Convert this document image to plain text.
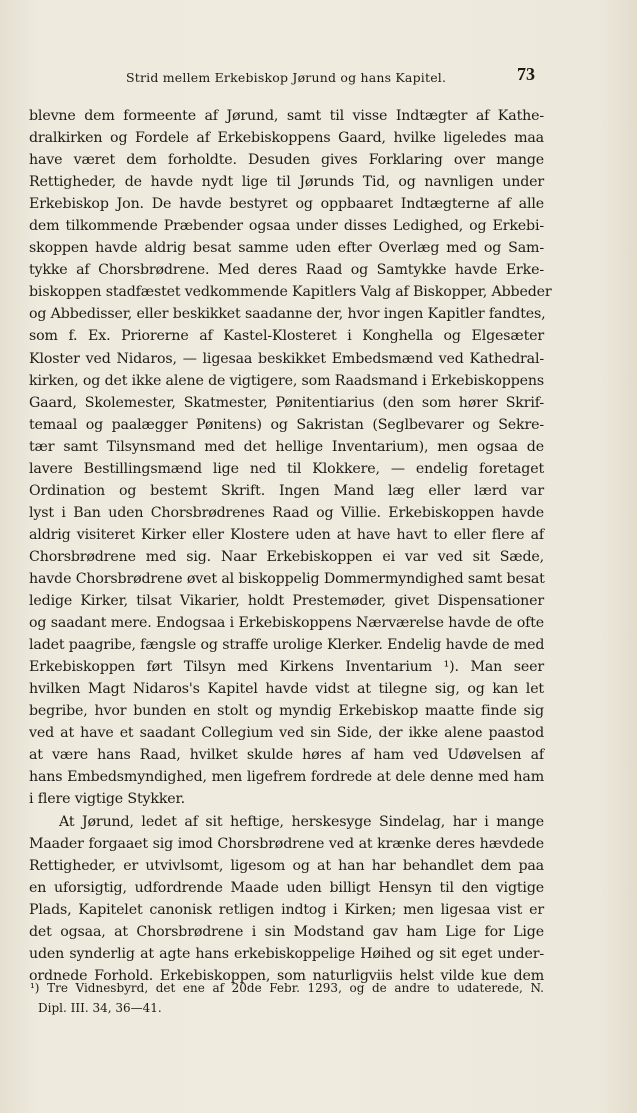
Strid mellem Erkebiskop Jørund og hans Kapitel.	73
blevne dem formeente af Jørund, samt til visse Indtægter af Kathe-
dralkirken og Fordele af Erkebiskoppens Gaard, hvilke ligeledes maa
have været dem forholdte. Desuden gives Forklaring over mange
Rettigheder, de havde nydt lige til Jørunds Tid, og navnligen under
Erkebiskop Jon. De havde bestyret og oppbaaret Indtægterne af alle
dem tilkommende Præbender ogsaa under disses Ledighed, og Erkebi-
skoppen havde aldrig besat samme uden efter Overlæg med og Sam-
tykke af Chorsbrødrene. Med deres Raad og Samtykke havde Erke-
biskoppen stadfæstet vedkommende Kapitlers Valg af Biskopper, Abbeder
og Abbedisser, eller beskikket saadanne der, hvor ingen Kapitler fandtes,
som f. Ex. Priorerne af Kastel-Klosteret i Konghella og Elgesæter
Kloster ved Nidaros, — ligesaa beskikket Embedsmænd ved Kathedral-
kirken, og det ikke alene de vigtigere, som Raadsmand i Erkebiskoppens
Gaard, Skolemester, Skatmester, Pønitentiarius (den som hører Skrif-
temaal og paalægger Pønitens) og Sakristan (Seglbevarer og Sekre-
tær samt Tilsynsmand med det hellige Inventarium), men ogsaa de
lavere Bestillingsmænd lige ned til Klokkere, — endelig foretaget
Ordination og bestemt Skrift. Ingen Mand læg eller lærd var
lyst i Ban uden Chorsbrødrenes Raad og Villie. Erkebiskoppen havde
aldrig visiteret Kirker eller Klostere uden at have havt to eller flere af
Chorsbrødrene med sig. Naar Erkebiskoppen ei var ved sit Sæde,
havde Chorsbrødrene øvet al biskoppelig Dommermyndighed samt besat
ledige Kirker, tilsat Vikarier, holdt Prestemøder, givet Dispensationer
og saadant mere. Endogsaa i Erkebiskoppens Nærværelse havde de ofte
ladet paagribe, fængsle og straffe urolige Klerker. Endelig havde de med
Erkebiskoppen ført Tilsyn med Kirkens Inventarium ¹). Man seer
hvilken Magt Nidaros's Kapitel havde vidst at tilegne sig, og kan let
begribe, hvor bunden en stolt og myndig Erkebiskop maatte finde sig
ved at have et saadant Collegium ved sin Side, der ikke alene paastod
at være hans Raad, hvilket skulde høres af ham ved Udøvelsen af
hans Embedsmyndighed, men ligefrem fordrede at dele denne med ham
i flere vigtige Stykker.
At Jørund, ledet af sit heftige, herskesyge Sindelag, har i mange
Maader forgaaet sig imod Chorsbrødrene ved at krænke deres hævdede
Rettigheder, er utvivlsomt, ligesom og at han har behandlet dem paa
en uforsigtig, udfordrende Maade uden billigt Hensyn til den vigtige
Plads, Kapitelet canonisk retligen indtog i Kirken; men ligesaa vist er
det ogsaa, at Chorsbrødrene i sin Modstand gav ham Lige for Lige
uden synderlig at agte hans erkebiskoppelige Høihed og sit eget under-
ordnede Forhold. Erkebiskoppen, som naturligviis helst vilde kue dem
¹) Tre Vidnesbyrd, det ene af 20de Febr. 1293, og de andre to udaterede, N.
Dipl. III. 34, 36—41.
